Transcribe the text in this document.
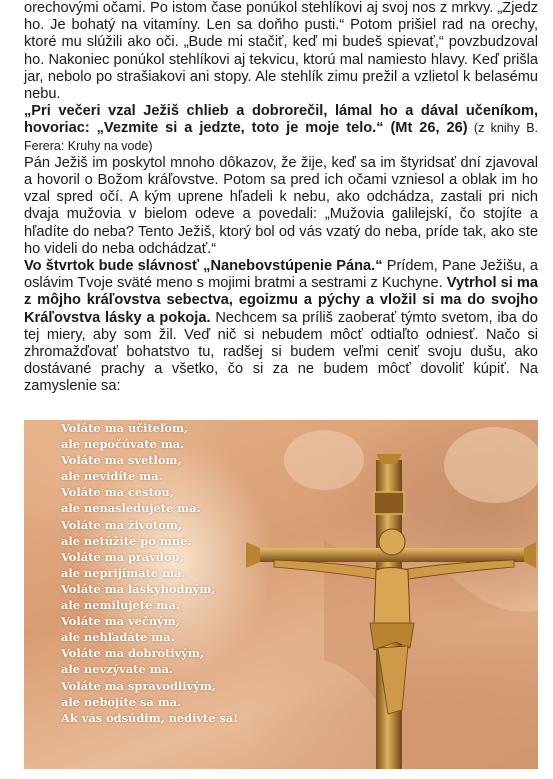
orechovými očami. Po istom čase ponúkol stehlíkovi aj svoj nos z mrkvy. „Zjedz ho. Je bohatý na vitamíny. Len sa doňho pusti.“ Potom prišiel rad na orechy, ktoré mu slúžili ako oči. „Bude mi stačiť, keď mi budeš spievať,“ povzbudzoval ho. Nakoniec ponúkol stehlíkovi aj tekvicu, ktorú mal namiesto hlavy. Keď prišla jar, nebolo po strašiakovi ani stopy. Ale stehlík zimu prežil a vzlietol k belasému nebu.

„Pri večeri vzal Ježiš chlieb a dobrorečil, lámal ho a dával učeníkom, hovoriac: „Vezmite si a jedzte, toto je moje telo.“ (Mt 26, 26) (z knihy B. Ferera: Kruhy na vode)

Pán Ježiš im poskytol mnoho dôkazov, že žije, keď sa im štyridsať dní zjavoval a hovoril o Božom kráľovstve. Potom sa pred ich očami vzniesol a oblak im ho vzal spred očí. A kým uprene hľadeli k nebu, ako odchádza, zastali pri nich dvaja mužovia v bielom odeve a povedali: „Mužovia galilejskí, čo stojíte a hľadíte do neba? Tento Ježiš, ktorý bol od vás vzatý do neba, príde tak, ako ste ho videli do neba odchádzať.“

Vo štvrtok bude slávnosť „Nanebovstúpenie Pána.“ Prídem, Pane Ježišu, a oslávim Tvoje sväté meno s mojimi bratmi a sestrami z Kuchyne. Vytrhol si ma z môjho kráľovstva sebectva, egoizmu a pýchy a vložil si ma do svojho Kráľovstva lásky a pokoja. Nechcem sa príliš zaoberať týmto svetom, iba do tej miery, aby som žil. Veď nič si nebudem môcť odtiaľto odniesť. Načo si zhromažďovať bohatstvo tu, radšej si budem veľmi ceniť svoju dušu, ako dostávané prachy a všetko, čo si za ne budem môcť dovoliť kúpiť. Na zamyslenie sa:

Voláte ma učiteľom,
ale nepočúvate ma.
Voláte ma svetlom,
ale nevidíte ma.
Voláte ma cestou,
ale nenasledujete ma.
Voláte ma životom,
ale netúžite po mne.
Voláte ma pravdou,
ale neprijímate ma.
Voláte ma láskyhodným,
ale nemilujete ma.
Voláte ma večným,
ale nehľadáte ma.
Voláte ma dobrotivým,
ale nevzývate ma.
Voláte ma spravodlivým,
ale nebojíte sa ma.
Ak vás odsúdim, nedivte sa!
